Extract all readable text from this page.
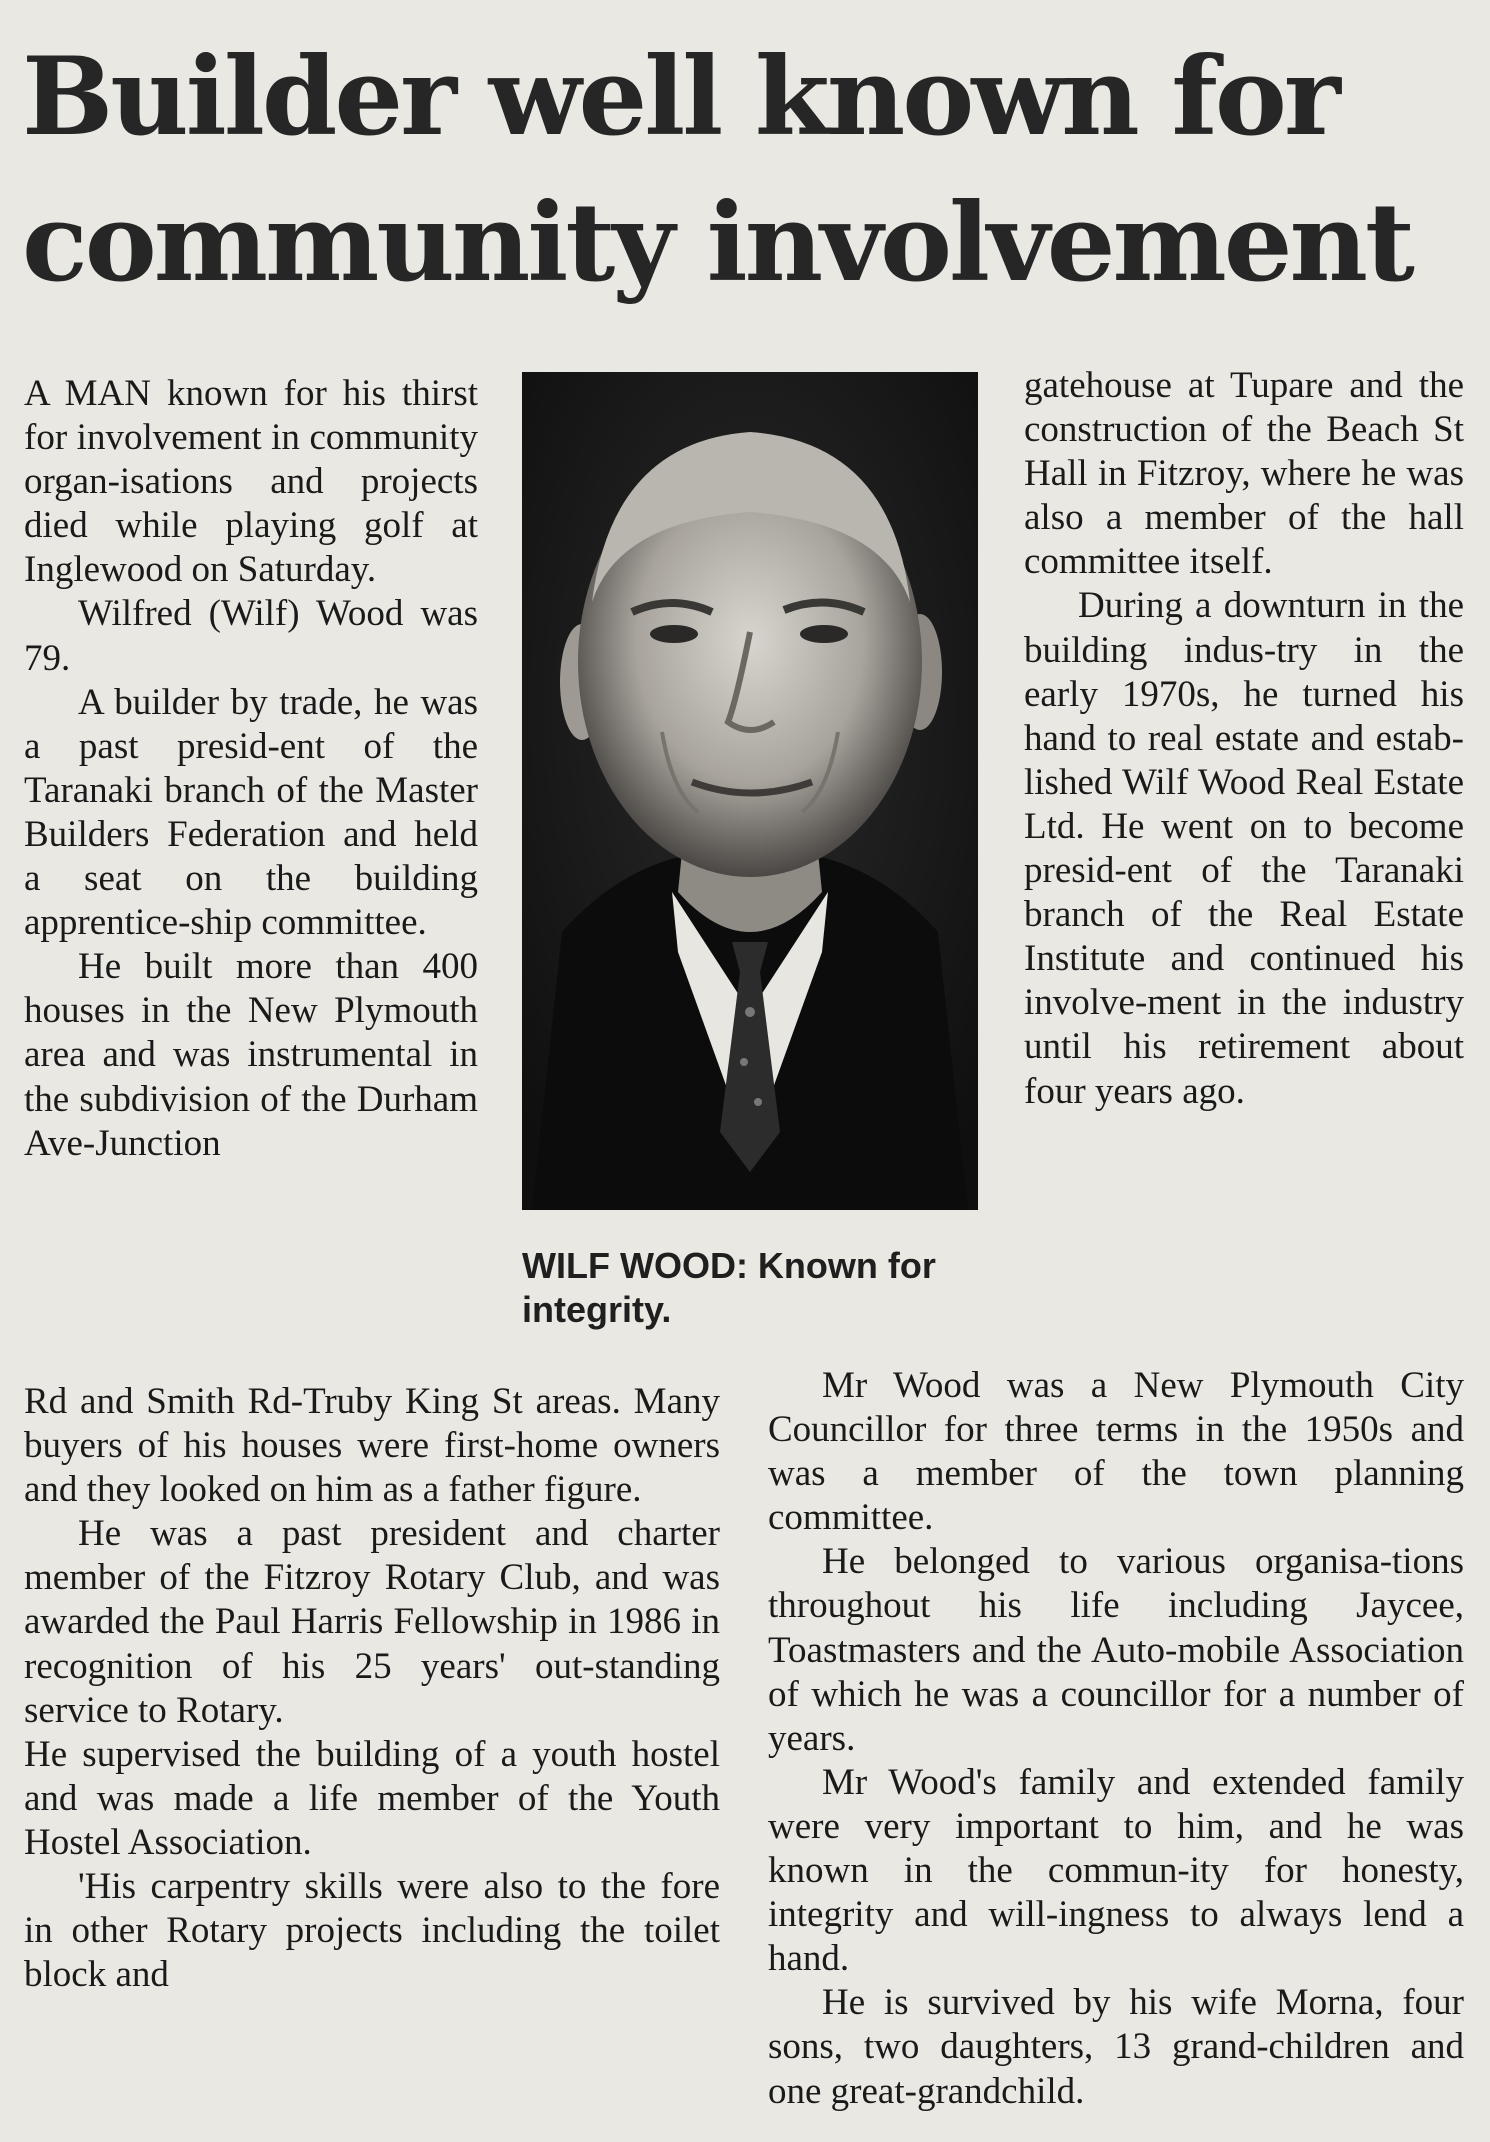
Builder well known for community involvement

A MAN known for his thirst for involvement in community organ-isations and projects died while playing golf at Inglewood on Saturday.

Wilfred (Wilf) Wood was 79.

A builder by trade, he was a past presid-ent of the Taranaki branch of the Master Builders Federation and held a seat on the building apprentice-ship committee.

He built more than 400 houses in the New Plymouth area and was instrumental in the subdivision of the Durham Ave-Junction

WILF WOOD: Known for integrity.

gatehouse at Tupare and the construction of the Beach St Hall in Fitzroy, where he was also a member of the hall committee itself.

During a downturn in the building indus-try in the early 1970s, he turned his hand to real estate and estab-lished Wilf Wood Real Estate Ltd. He went on to become presid-ent of the Taranaki branch of the Real Estate Institute and continued his involve-ment in the industry until his retirement about four years ago.

Rd and Smith Rd-Truby King St areas. Many buyers of his houses were first-home owners and they looked on him as a father figure.

He was a past president and charter member of the Fitzroy Rotary Club, and was awarded the Paul Harris Fellowship in 1986 in recognition of his 25 years' out-standing service to Rotary.

He supervised the building of a youth hostel and was made a life member of the Youth Hostel Association.

'His carpentry skills were also to the fore in other Rotary projects including the toilet block and

Mr Wood was a New Plymouth City Councillor for three terms in the 1950s and was a member of the town planning committee.

He belonged to various organisa-tions throughout his life including Jaycee, Toastmasters and the Auto-mobile Association of which he was a councillor for a number of years.

Mr Wood's family and extended family were very important to him, and he was known in the commun-ity for honesty, integrity and will-ingness to always lend a hand.

He is survived by his wife Morna, four sons, two daughters, 13 grand-children and one great-grandchild.
